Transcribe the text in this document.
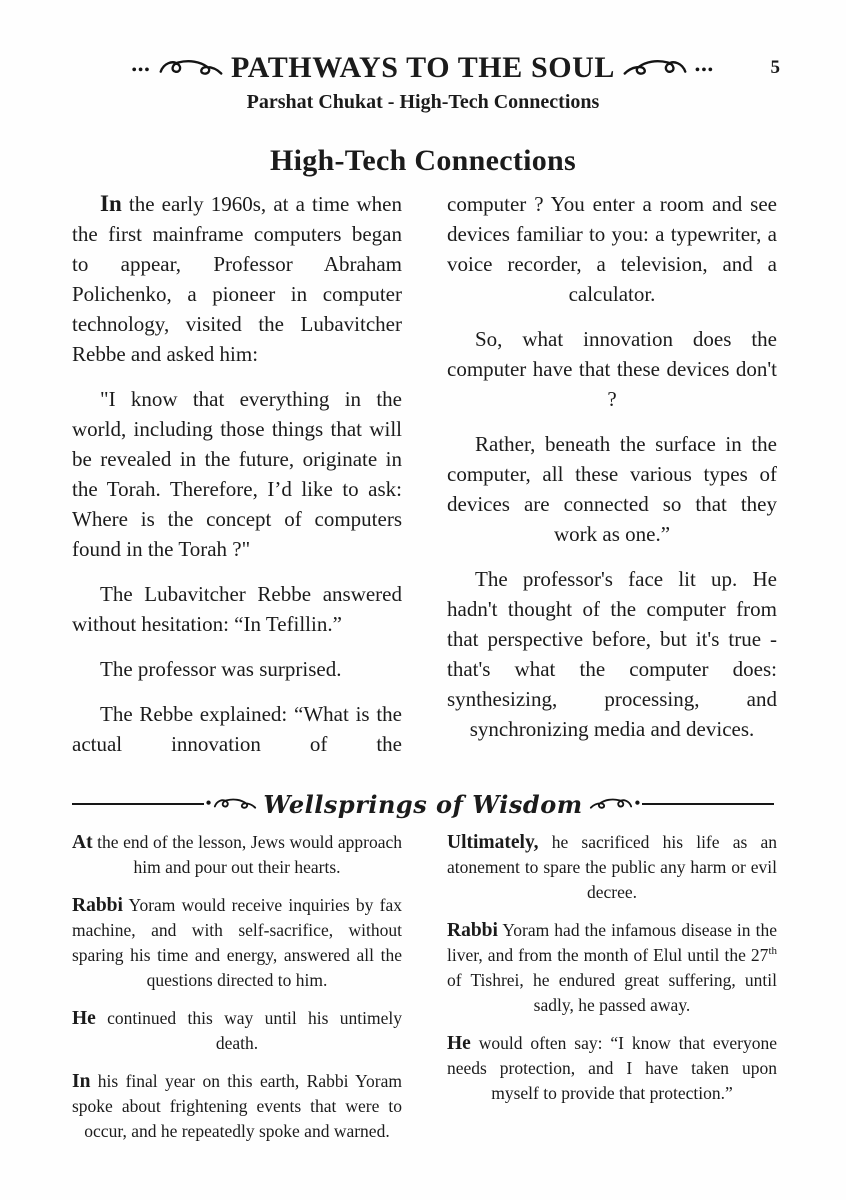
•••	PATHWAYS TO THE SOUL	•••	5
Parshat Chukat - High-Tech Connections
High-Tech Connections

In the early 1960s, at a time when the first mainframe computers began to appear, Professor Abraham Polichenko, a pioneer in computer technology, visited the Lubavitcher Rebbe and asked him:

"I know that everything in the world, including those things that will be revealed in the future, originate in the Torah. Therefore, I’d like to ask: Where is the concept of computers found in the Torah ?"

The Lubavitcher Rebbe answered without hesitation: “In Tefillin.”

The professor was surprised.

The Rebbe explained: “What is the actual innovation of the

computer ? You enter a room and see devices familiar to you: a typewriter, a voice recorder, a television, and a calculator.

So, what innovation does the computer have that these devices don't ?

Rather, beneath the surface in the computer, all these various types of devices are connected so that they work as one.”

The professor's face lit up. He hadn't thought of the computer from that perspective before, but it's true - that's what the computer does: synthesizing, processing, and synchronizing media and devices.

• Wellsprings of Wisdom	•

At the end of the lesson, Jews would approach him and pour out their hearts.

Rabbi Yoram would receive inquiries by fax machine, and with self-sacrifice, without sparing his time and energy, answered all the questions directed to him.

He continued this way until his untimely death.

In his final year on this earth, Rabbi Yoram spoke about frightening events that were to occur, and he repeatedly spoke and warned.

Ultimately, he sacrificed his life as an atonement to spare the public any harm or evil decree.

Rabbi Yoram had the infamous disease in the liver, and from the month of Elul until the 27th of Tishrei, he endured great suffering, until sadly, he passed away.

He would often say: “I know that everyone needs protection, and I have taken upon myself to provide that protection.”
